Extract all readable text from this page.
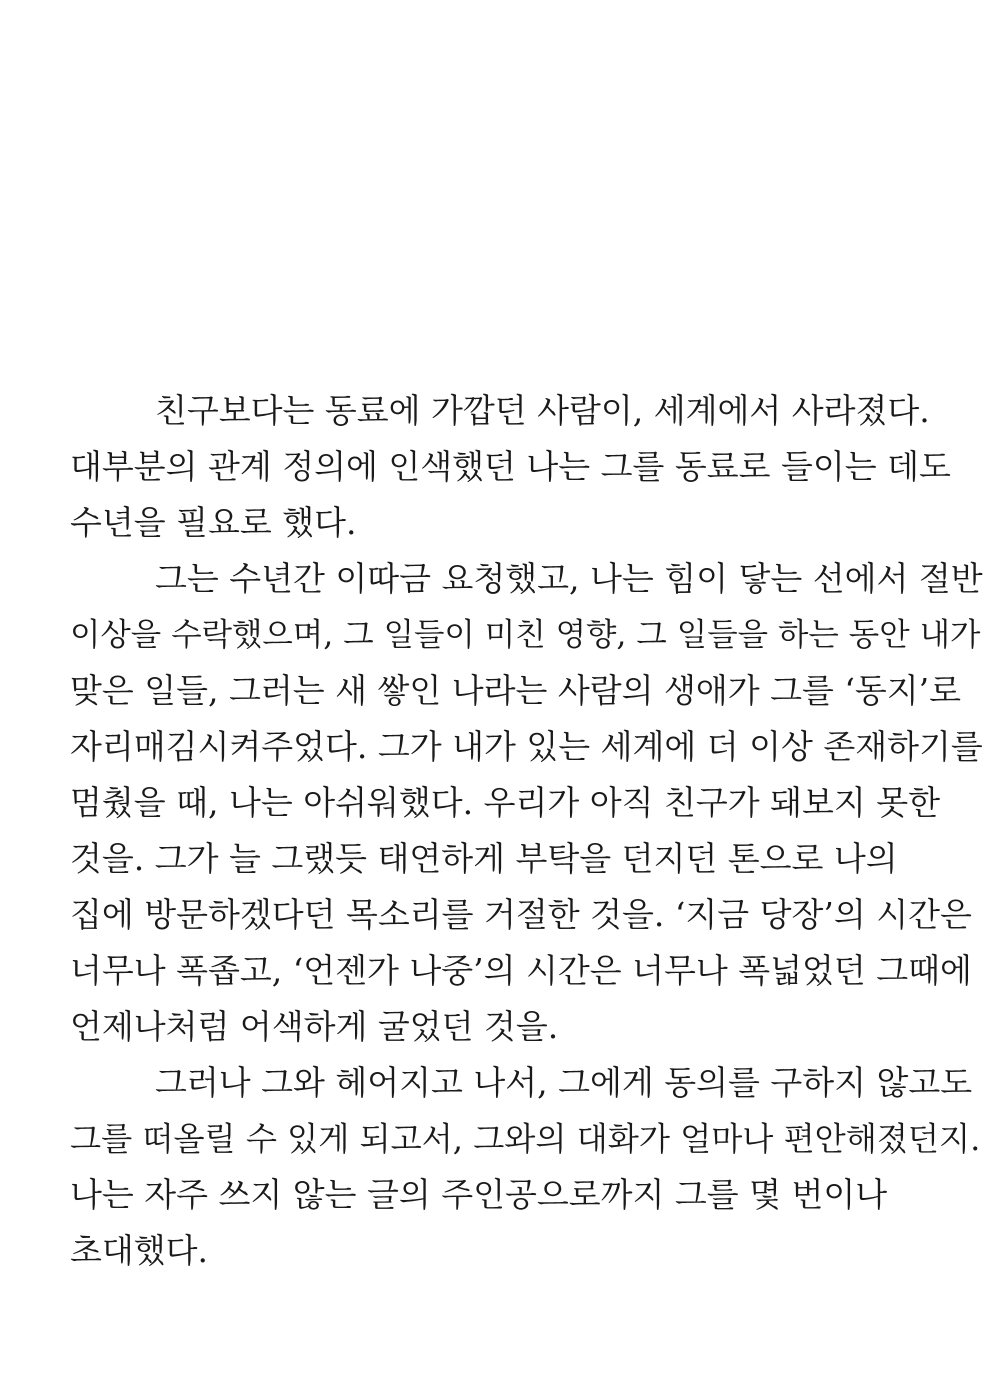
친구보다는 동료에 가깝던 사람이, 세계에서 사라졌다.
대부분의 관계 정의에 인색했던 나는 그를 동료로 들이는 데도
수년을 필요로 했다.
그는 수년간 이따금 요청했고, 나는 힘이 닿는 선에서 절반
이상을 수락했으며, 그 일들이 미친 영향, 그 일들을 하는 동안 내가
맞은 일들, 그러는 새 쌓인 나라는 사람의 생애가 그를 ‘동지’로
자리매김시켜주었다. 그가 내가 있는 세계에 더 이상 존재하기를
멈췄을 때, 나는 아쉬워했다. 우리가 아직 친구가 돼보지 못한
것을. 그가 늘 그랬듯 태연하게 부탁을 던지던 톤으로 나의
집에 방문하겠다던 목소리를 거절한 것을. ‘지금 당장’의 시간은
너무나 폭좁고, ‘언젠가 나중’의 시간은 너무나 폭넓었던 그때에
언제나처럼 어색하게 굴었던 것을.
그러나 그와 헤어지고 나서, 그에게 동의를 구하지 않고도
그를 떠올릴 수 있게 되고서, 그와의 대화가 얼마나 편안해졌던지.
나는 자주 쓰지 않는 글의 주인공으로까지 그를 몇 번이나
초대했다.
